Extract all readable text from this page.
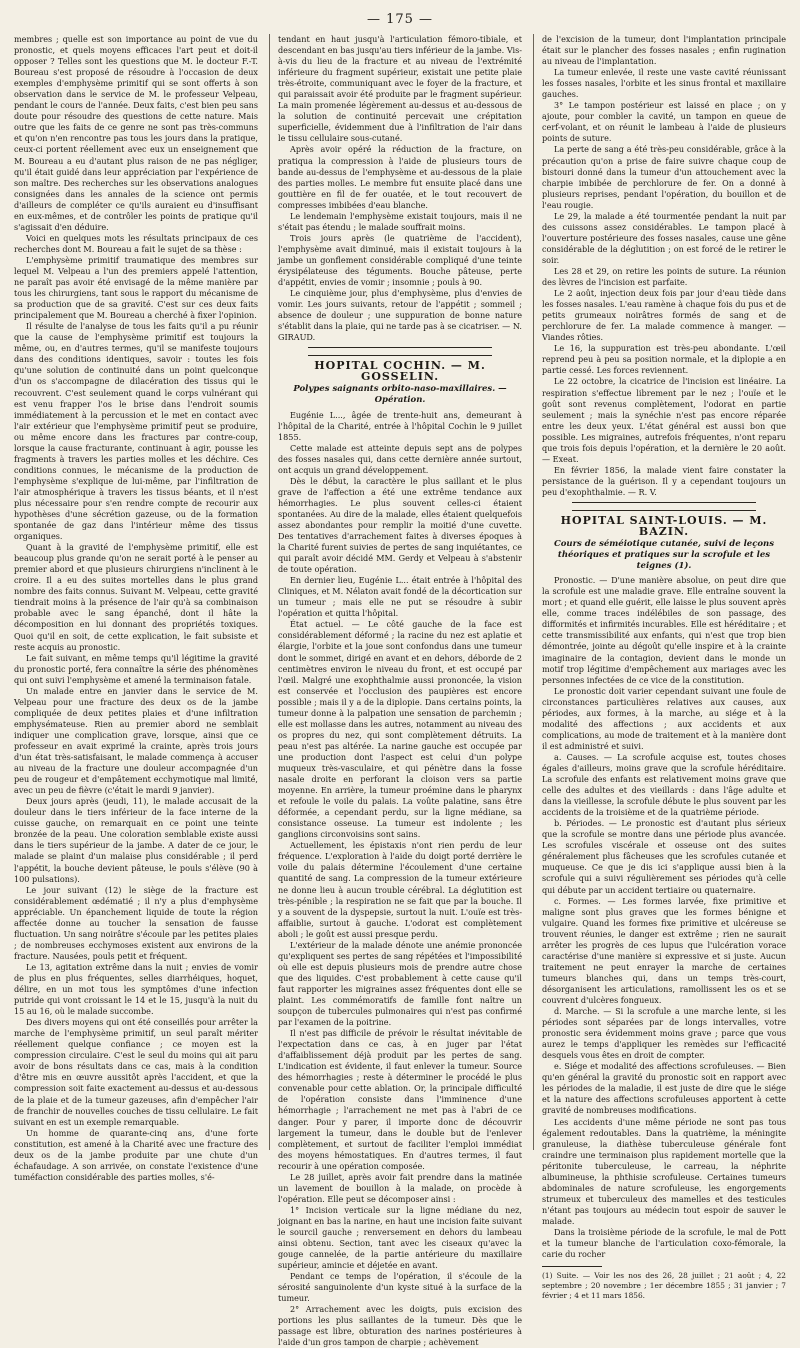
— 175 —

membres ; quelle est son importance au point de vue du pronostic, et quels moyens efficaces l'art peut et doit-il opposer ? Telles sont les questions que M. le docteur F.-T. Boureau s'est proposé de résoudre à l'occasion de deux exemples d'emphysème primitif qui se sont offerts à son observation dans le service de M. le professeur Velpeau, pendant le cours de l'année. Deux faits, c'est bien peu sans doute pour résoudre des questions de cette nature. Mais outre que les faits de ce genre ne sont pas très-communs et qu'on n'en rencontre pas tous les jours dans la pratique, ceux-ci portent réellement avec eux un enseignement que M. Boureau a eu d'autant plus raison de ne pas négliger, qu'il était guidé dans leur appréciation par l'expérience de son maître. Des recherches sur les observations analogues consignées dans les annales de la science ont permis d'ailleurs de compléter ce qu'ils auraient eu d'insuffisant en eux-mêmes, et de contrôler les points de pratique qu'il s'agissait d'en déduire.

Voici en quelques mots les résultats principaux de ces recherches dont M. Boureau a fait le sujet de sa thèse :

L'emphysème primitif traumatique des membres sur lequel M. Velpeau a l'un des premiers appelé l'attention, ne paraît pas avoir été envisagé de la même manière par tous les chirurgiens, tant sous le rapport du mécanisme de sa production que de sa gravité. C'est sur ces deux faits principalement que M. Boureau a cherché à fixer l'opinion.

Il résulte de l'analyse de tous les faits qu'il a pu réunir que la cause de l'emphysème primitif est toujours la même, ou, en d'autres termes, qu'il se manifeste toujours dans des conditions identiques, savoir : toutes les fois qu'une solution de continuité dans un point quelconque d'un os s'accompagne de dilacération des tissus qui le recouvrent. C'est seulement quand le corps vulnérant qui est venu frapper l'os le brise dans l'endroit soumis immédiatement à la percussion et le met en contact avec l'air extérieur que l'emphysème primitif peut se produire, ou même encore dans les fractures par contre-coup, lorsque la cause fracturante, continuant à agir, pousse les fragments à travers les parties molles et les déchire. Ces conditions connues, le mécanisme de la production de l'emphysème s'explique de lui-même, par l'infiltration de l'air atmosphérique à travers les tissus béants, et il n'est plus nécessaire pour s'en rendre compte de recourir aux hypothèses d'une sécrétion gazeuse, ou de la formation spontanée de gaz dans l'intérieur même des tissus organiques.

Quant à la gravité de l'emphysème primitif, elle est beaucoup plus grande qu'on ne serait porté à le penser au premier abord et que plusieurs chirurgiens n'inclinent à le croire. Il a eu des suites mortelles dans le plus grand nombre des faits connus. Suivant M. Velpeau, cette gravité tiendrait moins à la présence de l'air qu'à sa combinaison probable avec le sang épanché, dont il hâte la décomposition en lui donnant des propriétés toxiques. Quoi qu'il en soit, de cette explication, le fait subsiste et reste acquis au pronostic.

Le fait suivant, en même temps qu'il légitime la gravité du pronostic porté, fera connaître la série des phénomènes qui ont suivi l'emphysème et amené la terminaison fatale.

Un malade entre en janvier dans le service de M. Velpeau pour une fracture des deux os de la jambe compliquée de deux petites plaies et d'une infiltration emphysémateuse. Rien au premier abord ne semblait indiquer une complication grave, lorsque, ainsi que ce professeur en avait exprimé la crainte, après trois jours d'un état très-satisfaisant, le malade commença à accuser au niveau de la fracture une douleur accompagnée d'un peu de rougeur et d'empâtement ecchymotique mal limité, avec un peu de fièvre (c'était le mardi 9 janvier).

Deux jours après (jeudi, 11), le malade accusait de la douleur dans le tiers inférieur de la face interne de la cuisse gauche, on remarquait en ce point une teinte bronzée de la peau. Une coloration semblable existe aussi dans le tiers supérieur de la jambe. A dater de ce jour, le malade se plaint d'un malaise plus considérable ; il perd l'appétit, la bouche devient pâteuse, le pouls s'élève (90 à 100 pulsations).

Le jour suivant (12) le siège de la fracture est considérablement œdématié ; il n'y a plus d'emphysème appréciable. Un épanchement liquide de toute la région affectée donne au toucher la sensation de fausse fluctuation. Un sang noirâtre s'écoule par les petites plaies ; de nombreuses ecchymoses existent aux environs de la fracture. Nausées, pouls petit et fréquent.

Le 13, agitation extrême dans la nuit ; envies de vomir de plus en plus fréquentes, selles diarrhéiques, hoquet, délire, en un mot tous les symptômes d'une infection putride qui vont croissant le 14 et le 15, jusqu'à la nuit du 15 au 16, où le malade succombe.

Des divers moyens qui ont été conseillés pour arrêter la marche de l'emphysème primitif, un seul paraît mériter réellement quelque confiance ; ce moyen est la compression circulaire. C'est le seul du moins qui ait paru avoir de bons résultats dans ce cas, mais à la condition d'être mis en œuvre aussitôt après l'accident, et que la compression soit faite exactement au-dessus et au-dessous de la plaie et de la tumeur gazeuses, afin d'empêcher l'air de franchir de nouvelles couches de tissu cellulaire. Le fait suivant en est un exemple remarquable.

Un homme de quarante-cinq ans, d'une forte constitution, est amené à la Charité avec une fracture des deux os de la jambe produite par une chute d'un échafaudage. A son arrivée, on constate l'existence d'une tuméfaction considérable des parties molles, s'é-

tendant en haut jusqu'à l'articulation fémoro-tibiale, et descendant en bas jusqu'au tiers inférieur de la jambe. Vis-à-vis du lieu de la fracture et au niveau de l'extrémité inférieure du fragment supérieur, existait une petite plaie très-étroite, communiquant avec le foyer de la fracture, et qui paraissait avoir été produite par le fragment supérieur. La main promenée légèrement au-dessus et au-dessous de la solution de continuité percevait une crépitation superficielle, évidemment due à l'infiltration de l'air dans le tissu cellulaire sous-cutané.

Après avoir opéré la réduction de la fracture, on pratiqua la compression à l'aide de plusieurs tours de bande au-dessus de l'emphysème et au-dessous de la plaie des parties molles. Le membre fut ensuite placé dans une gouttière en fil de fer ouatée, et le tout recouvert de compresses imbibées d'eau blanche.

Le lendemain l'emphysème existait toujours, mais il ne s'était pas étendu ; le malade souffrait moins.

Trois jours après (le quatrième de l'accident), l'emphysème avait diminué, mais il existait toujours à la jambe un gonflement considérable compliqué d'une teinte érysipélateuse des téguments. Bouche pâteuse, perte d'appétit, envies de vomir ; insomnie ; pouls à 90.

Le cinquième jour, plus d'emphysème, plus d'envies de vomir. Les jours suivants, retour de l'appétit ; sommeil ; absence de douleur ; une suppuration de bonne nature s'établit dans la plaie, qui ne tarde pas à se cicatriser. — N. GIRAUD.

HOPITAL COCHIN. — M. GOSSELIN.
Polypes saignants orbito-naso-maxillaires. — Opération.

Eugénie L..., âgée de trente-huit ans, demeurant à l'hôpital de la Charité, entrée à l'hôpital Cochin le 9 juillet 1855.

Cette malade est atteinte depuis sept ans de polypes des fosses nasales qui, dans cette dernière année surtout, ont acquis un grand développement.

Dès le début, la caractère le plus saillant et le plus grave de l'affection a été une extrême tendance aux hémorrhagies. Le plus souvent celles-ci étaient spontanées. Au dire de la malade, elles étaient quelquefois assez abondantes pour remplir la moitié d'une cuvette. Des tentatives d'arrachement faites à diverses époques à la Charité furent suivies de pertes de sang inquiétantes, ce qui paraît avoir décidé MM. Gerdy et Velpeau à s'abstenir de toute opération.

En dernier lieu, Eugénie L... était entrée à l'hôpital des Cliniques, et M. Nélaton avait fondé de la décortication sur un tumeur ; mais elle ne put se résoudre à subir l'opération et quitta l'hôpital.

État actuel. — Le côté gauche de la face est considérablement déformé ; la racine du nez est aplatie et élargie, l'orbite et la joue sont confondus dans une tumeur dont le sommet, dirigé en avant et en dehors, déborde de 2 centimètres environ le niveau du front, et est occupé par l'œil. Malgré une exophthalmie aussi prononcée, la vision est conservée et l'occlusion des paupières est encore possible ; mais il y a de la diplopie. Dans certains points, la tumeur donne à la palpation une sensation de parchemin ; elle est mollasse dans les autres, notamment au niveau des os propres du nez, qui sont complètement détruits. La peau n'est pas altérée. La narine gauche est occupée par une production dont l'aspect est celui d'un polype muqueux très-vasculaire, et qui pénètre dans la fosse nasale droite en perforant la cloison vers sa partie moyenne. En arrière, la tumeur proémine dans le pharynx et refoule le voile du palais. La voûte palatine, sans être déformée, a cependant perdu, sur la ligne médiane, sa consistance osseuse. La tumeur est indolente ; les ganglions circonvoisins sont sains.

Actuellement, les épistaxis n'ont rien perdu de leur fréquence. L'exploration à l'aide du doigt porté derrière le voile du palais détermine l'écoulement d'une certaine quantité de sang. La compression de la tumeur extérieure ne donne lieu à aucun trouble cérébral. La déglutition est très-pénible ; la respiration ne se fait que par la bouche. Il y a souvent de la dyspepsie, surtout la nuit. L'ouïe est très-affaiblie, surtout à gauche. L'odorat est complètement aboli ; le goût est aussi presque perdu.

L'extérieur de la malade dénote une anémie prononcée qu'expliquent ses pertes de sang répétées et l'impossibilité où elle est depuis plusieurs mois de prendre autre chose que des liquides. C'est probablement à cette cause qu'il faut rapporter les migraines assez fréquentes dont elle se plaint. Les commémoratifs de famille font naître un soupçon de tubercules pulmonaires qui n'est pas confirmé par l'examen de la poitrine.

Il n'est pas difficile de prévoir le résultat inévitable de l'expectation dans ce cas, à en juger par l'état d'affaiblissement déjà produit par les pertes de sang. L'indication est évidente, il faut enlever la tumeur. Source des hémorrhagies ; reste à déterminer le procédé le plus convenable pour cette ablation. Or, la principale difficulté de l'opération consiste dans l'imminence d'une hémorrhagie ; l'arrachement ne met pas à l'abri de ce danger. Pour y parer, il importe donc de découvrir largement la tumeur, dans le double but de l'enlever complètement, et surtout de faciliter l'emploi immédiat des moyens hémostatiques. En d'autres termes, il faut recourir à une opération composée.

Le 28 juillet, après avoir fait prendre dans la matinée un lavement de bouillon à la malade, on procède à l'opération. Elle peut se décomposer ainsi :

1° Incision verticale sur la ligne médiane du nez, joignant en bas la narine, en haut une incision faite suivant le sourcil gauche ; renversement en dehors du lambeau ainsi obtenu. Section, tant avec les ciseaux qu'avec la gouge cannelée, de la partie antérieure du maxillaire supérieur, amincie et déjetée en avant.

Pendant ce temps de l'opération, il s'écoule de la sérosité sanguinolente d'un kyste situé à la surface de la tumeur.

2° Arrachement avec les doigts, puis excision des portions les plus saillantes de la tumeur. Dès que le passage est libre, obturation des narines postérieures à l'aide d'un gros tampon de charpie ; achèvement

de l'excision de la tumeur, dont l'implantation principale était sur le plancher des fosses nasales ; enfin rugination au niveau de l'implantation.

La tumeur enlevée, il reste une vaste cavité réunissant les fosses nasales, l'orbite et les sinus frontal et maxillaire gauches.

3° Le tampon postérieur est laissé en place ; on y ajoute, pour combler la cavité, un tampon en queue de cerf-volant, et on réunit le lambeau à l'aide de plusieurs points de suture.

La perte de sang a été très-peu considérable, grâce à la précaution qu'on a prise de faire suivre chaque coup de bistouri donné dans la tumeur d'un attouchement avec la charpie imbibée de perchlorure de fer. On a donné à plusieurs reprises, pendant l'opération, du bouillon et de l'eau rougie.

Le 29, la malade a été tourmentée pendant la nuit par des cuissons assez considérables. Le tampon placé à l'ouverture postérieure des fosses nasales, cause une gêne considérable de la déglutition ; on est forcé de le retirer le soir.

Les 28 et 29, on retire les points de suture. La réunion des lèvres de l'incision est parfaite.

Le 2 août, injection deux fois par jour d'eau tiède dans les fosses nasales. L'eau ramène à chaque fois du pus et de petits grumeaux noirâtres formés de sang et de perchlorure de fer. La malade commence à manger. — Viandes rôties.

Le 16, la suppuration est très-peu abondante. L'œil reprend peu à peu sa position normale, et la diplopie a en partie cessé. Les forces reviennent.

Le 22 octobre, la cicatrice de l'incision est linéaire. La respiration s'effectue librement par le nez ; l'ouïe et le goût sont revenus complètement, l'odorat en partie seulement ; mais la synéchie n'est pas encore réparée entre les deux yeux. L'état général est aussi bon que possible. Les migraines, autrefois fréquentes, n'ont reparu que trois fois depuis l'opération, et la dernière le 20 août. — Exeat.

En février 1856, la malade vient faire constater la persistance de la guérison. Il y a cependant toujours un peu d'exophthalmie. — R. V.

HOPITAL SAINT-LOUIS. — M. BAZIN.
Cours de séméiotique cutanée, suivi de leçons théoriques et pratiques sur la scrofule et les teignes (1).

Pronostic. — D'une manière absolue, on peut dire que la scrofule est une maladie grave. Elle entraîne souvent la mort ; et quand elle guérit, elle laisse le plus souvent après elle, comme traces indélébiles de son passage, des difformités et infirmités incurables. Elle est héréditaire ; et cette transmissibilité aux enfants, qui n'est que trop bien démontrée, jointe au dégoût qu'elle inspire et à la crainte imaginaire de la contagion, devient dans le monde un motif trop légitime d'empêchement aux mariages avec les personnes infectées de ce vice de la constitution.

Le pronostic doit varier cependant suivant une foule de circonstances particulières relatives aux causes, aux périodes, aux formes, à la marche, au siége et à la modalité des affections ; aux accidents et aux complications, au mode de traitement et à la manière dont il est administré et suivi.

a. Causes. — La scrofule acquise est, toutes choses égales d'ailleurs, moins grave que la scrofule héréditaire. La scrofule des enfants est relativement moins grave que celle des adultes et des vieillards : dans l'âge adulte et dans la vieillesse, la scrofule débute le plus souvent par les accidents de la troisième et de la quatrième période.

b. Périodes. — Le pronostic est d'autant plus sérieux que la scrofule se montre dans une période plus avancée. Les scrofules viscérale et osseuse ont des suites généralement plus fâcheuses que les scrofules cutanée et muqueuse. Ce que je dis ici s'applique aussi bien à la scrofule qui a suivi régulièrement ses périodes qu'à celle qui débute par un accident tertiaire ou quaternaire.

c. Formes. — Les formes larvée, fixe primitive et maligne sont plus graves que les formes bénigne et vulgaire. Quand les formes fixe primitive et ulcéreuse se trouvent réunies, le danger est extrême ; rien ne saurait arrêter les progrès de ces lupus que l'ulcération vorace caractérise d'une manière si expressive et si juste. Aucun traitement ne peut enrayer la marche de certaines tumeurs blanches qui, dans un temps très-court, désorganisent les articulations, ramollissent les os et se couvrent d'ulcères fongueux.

d. Marche. — Si la scrofule a une marche lente, si les périodes sont séparées par de longs intervalles, votre pronostic sera évidemment moins grave ; parce que vous aurez le temps d'appliquer les remèdes sur l'efficacité desquels vous êtes en droit de compter.

e. Siége et modalité des affections scrofuleuses. — Bien qu'en général la gravité du pronostic soit en rapport avec les périodes de la maladie, il est juste de dire que le siége et la nature des affections scrofuleuses apportent à cette gravité de nombreuses modifications.

Les accidents d'une même période ne sont pas tous également redoutables. Dans la quatrième, la méningite granuleuse, la diathèse tuberculeuse générale font craindre une terminaison plus rapidement mortelle que la péritonite tuberculeuse, le carreau, la néphrite albumineuse, la phthisie scrofuleuse. Certaines tumeurs abdominales de nature scrofuleuse, les engorgements strumeux et tuberculeux des mamelles et des testicules n'étant pas toujours au médecin tout espoir de sauver le malade.

Dans la troisième période de la scrofule, le mal de Pott et la tumeur blanche de l'articulation coxo-fémorale, la carie du rocher

(1) Suite. — Voir les nos des 26, 28 juillet ; 21 août ; 4, 22 septembre ; 20 novembre ; 1er décembre 1855 ; 31 janvier ; 7 février ; 4 et 11 mars 1856.
